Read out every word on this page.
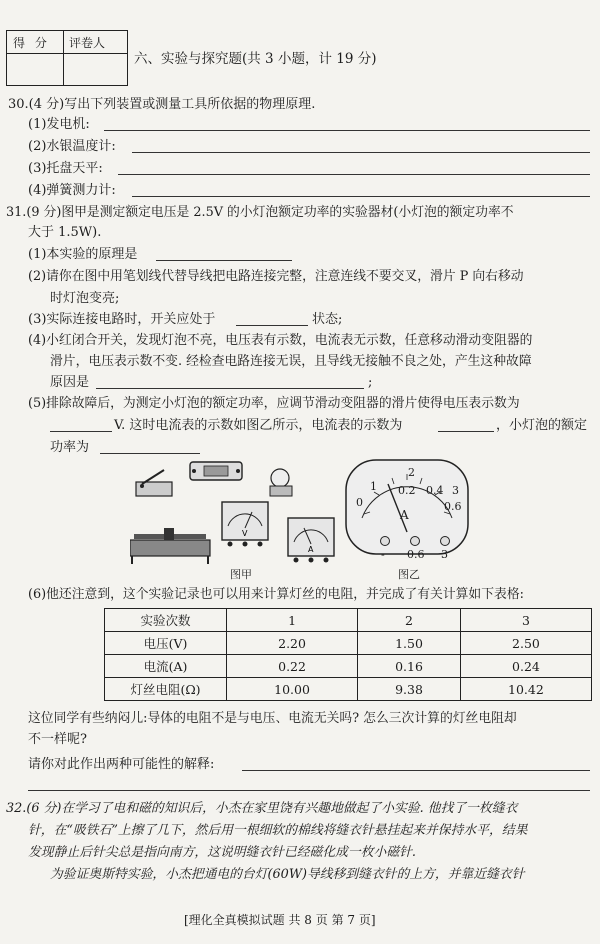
得 分 评卷人
六、实验与探究题(共 3 小题，计 19 分)
30.(4 分)写出下列装置或测量工具所依据的物理原理.
(1)发电机:
(2)水银温度计:
(3)托盘天平:
(4)弹簧测力计:
31.(9 分)图甲是测定额定电压是 2.5V 的小灯泡额定功率的实验器材(小灯泡的额定功率不
大于 1.5W).
(1)本实验的原理是
(2)请你在图中用笔划线代替导线把电路连接完整，注意连线不要交叉，滑片 P 向右移动
时灯泡变亮;
(3)实际连接电路时，开关应处于	状态;
(4)小红闭合开关，发现灯泡不亮，电压表有示数，电流表无示数，任意移动滑动变阻器的
滑片，电压表示数不变. 经检查电路连接无误，且导线无接触不良之处，产生这种故障
原因是	;
(5)排除故障后，为测定小灯泡的额定功率，应调节滑动变阻器的滑片使得电压表示数为
V. 这时电流表的示数如图乙所示，电流表的示数为	，小灯泡的额定
功率为
V
A
图甲
0
1 0.2 0.4
0.6
3
2
A
- 0.6 3
图乙
(6)他还注意到，这个实验记录也可以用来计算灯丝的电阻，并完成了有关计算如下表格:
实验次数	1	2	3
电压(V)	2.20	1.50	2.50
电流(A)	0.22	0.16	0.24
灯丝电阻(Ω)	10.00	9.38	10.42
这位同学有些纳闷儿:导体的电阻不是与电压、电流无关吗? 怎么三次计算的灯丝电阻却
不一样呢?
请你对此作出两种可能性的解释:
32.(6 分)在学习了电和磁的知识后，小杰在家里饶有兴趣地做起了小实验. 他找了一枚缝衣
针，在“吸铁石”上擦了几下，然后用一根细软的棉线将缝衣针悬挂起来并保持水平，结果
发现静止后针尖总是指向南方，这说明缝衣针已经磁化成一枚小磁针.
为验证奥斯特实验，小杰把通电的台灯(60W)导线移到缝衣针的上方，并靠近缝衣针
[理化全真模拟试题 共 8 页 第 7 页]
